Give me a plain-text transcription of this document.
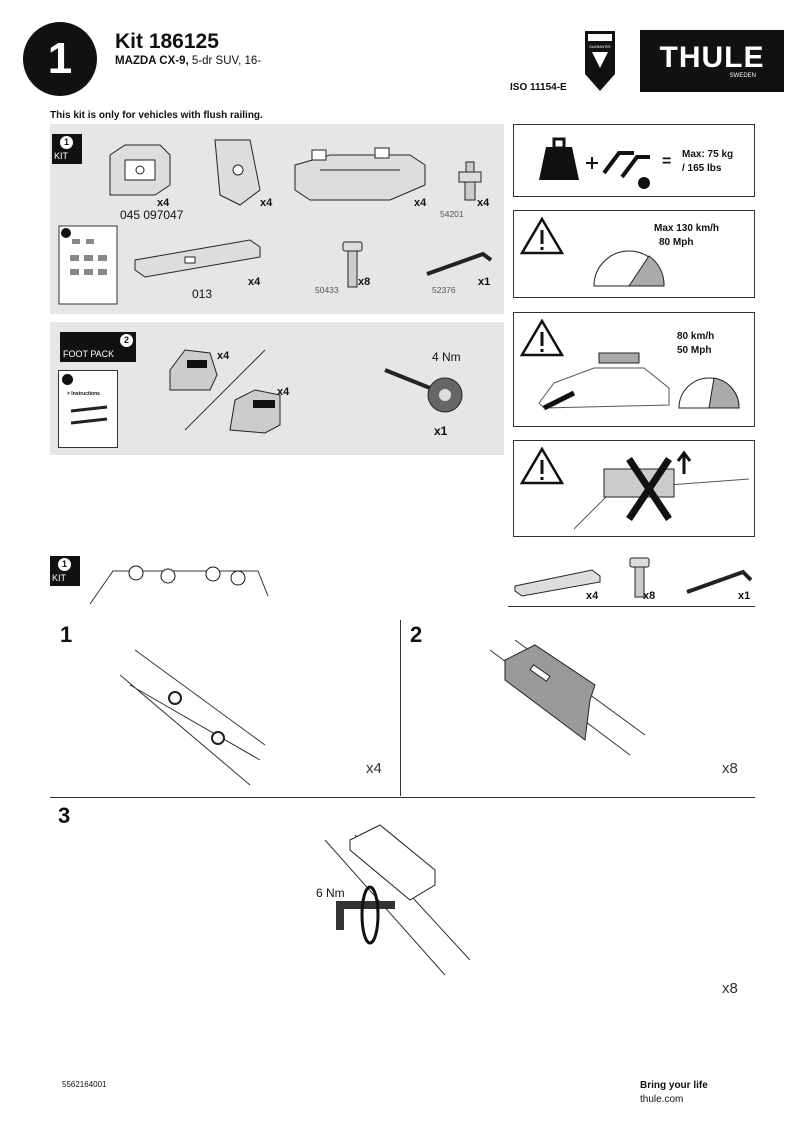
1	Kit 186125
MAZDA CX-9, 5-dr SUV, 16-
GUARANTEE
ISO 11154-E
THULE
SWEDEN
This kit is only for vehicles with flush railing.
1
KIT
x4
045 097047
x4	x4	x4
54201
x4
013
x8
50433
x1
52376
2
FOOT PACK
> Instructions
x4
x4
4 Nm
x1
= Max: 75 kg
/ 165 lbs
Max 130 km/h
80 Mph
80 km/h
50 Mph
1
KIT
x4	x8	x1
1
x4
2
x8
3
6 Nm
x8
5562164001	Bring your life
thule.com
